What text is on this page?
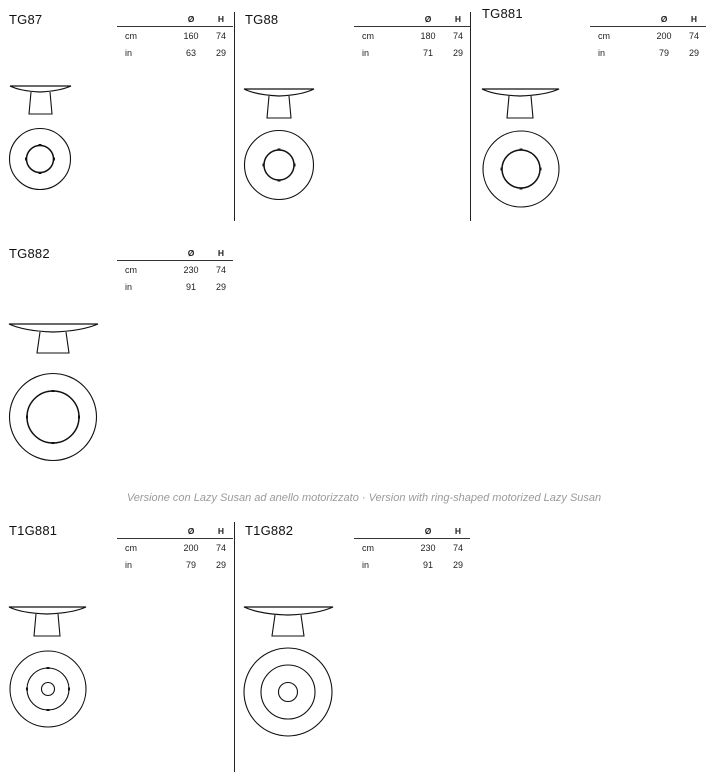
TG87
		Ø	H
cm	160	74
in	63	29
TG88
		Ø	H
cm	180	74
in	71	29
TG881
		Ø	H
cm	200	74
in	79	29
TG882
		Ø	H
cm	230	74
in	91	29
Versione con Lazy Susan ad anello motorizzato · Version with ring-shaped motorized Lazy Susan
T1G881
		Ø	H
cm	200	74
in	79	29
T1G882
		Ø	H
cm	230	74
in	91	29
